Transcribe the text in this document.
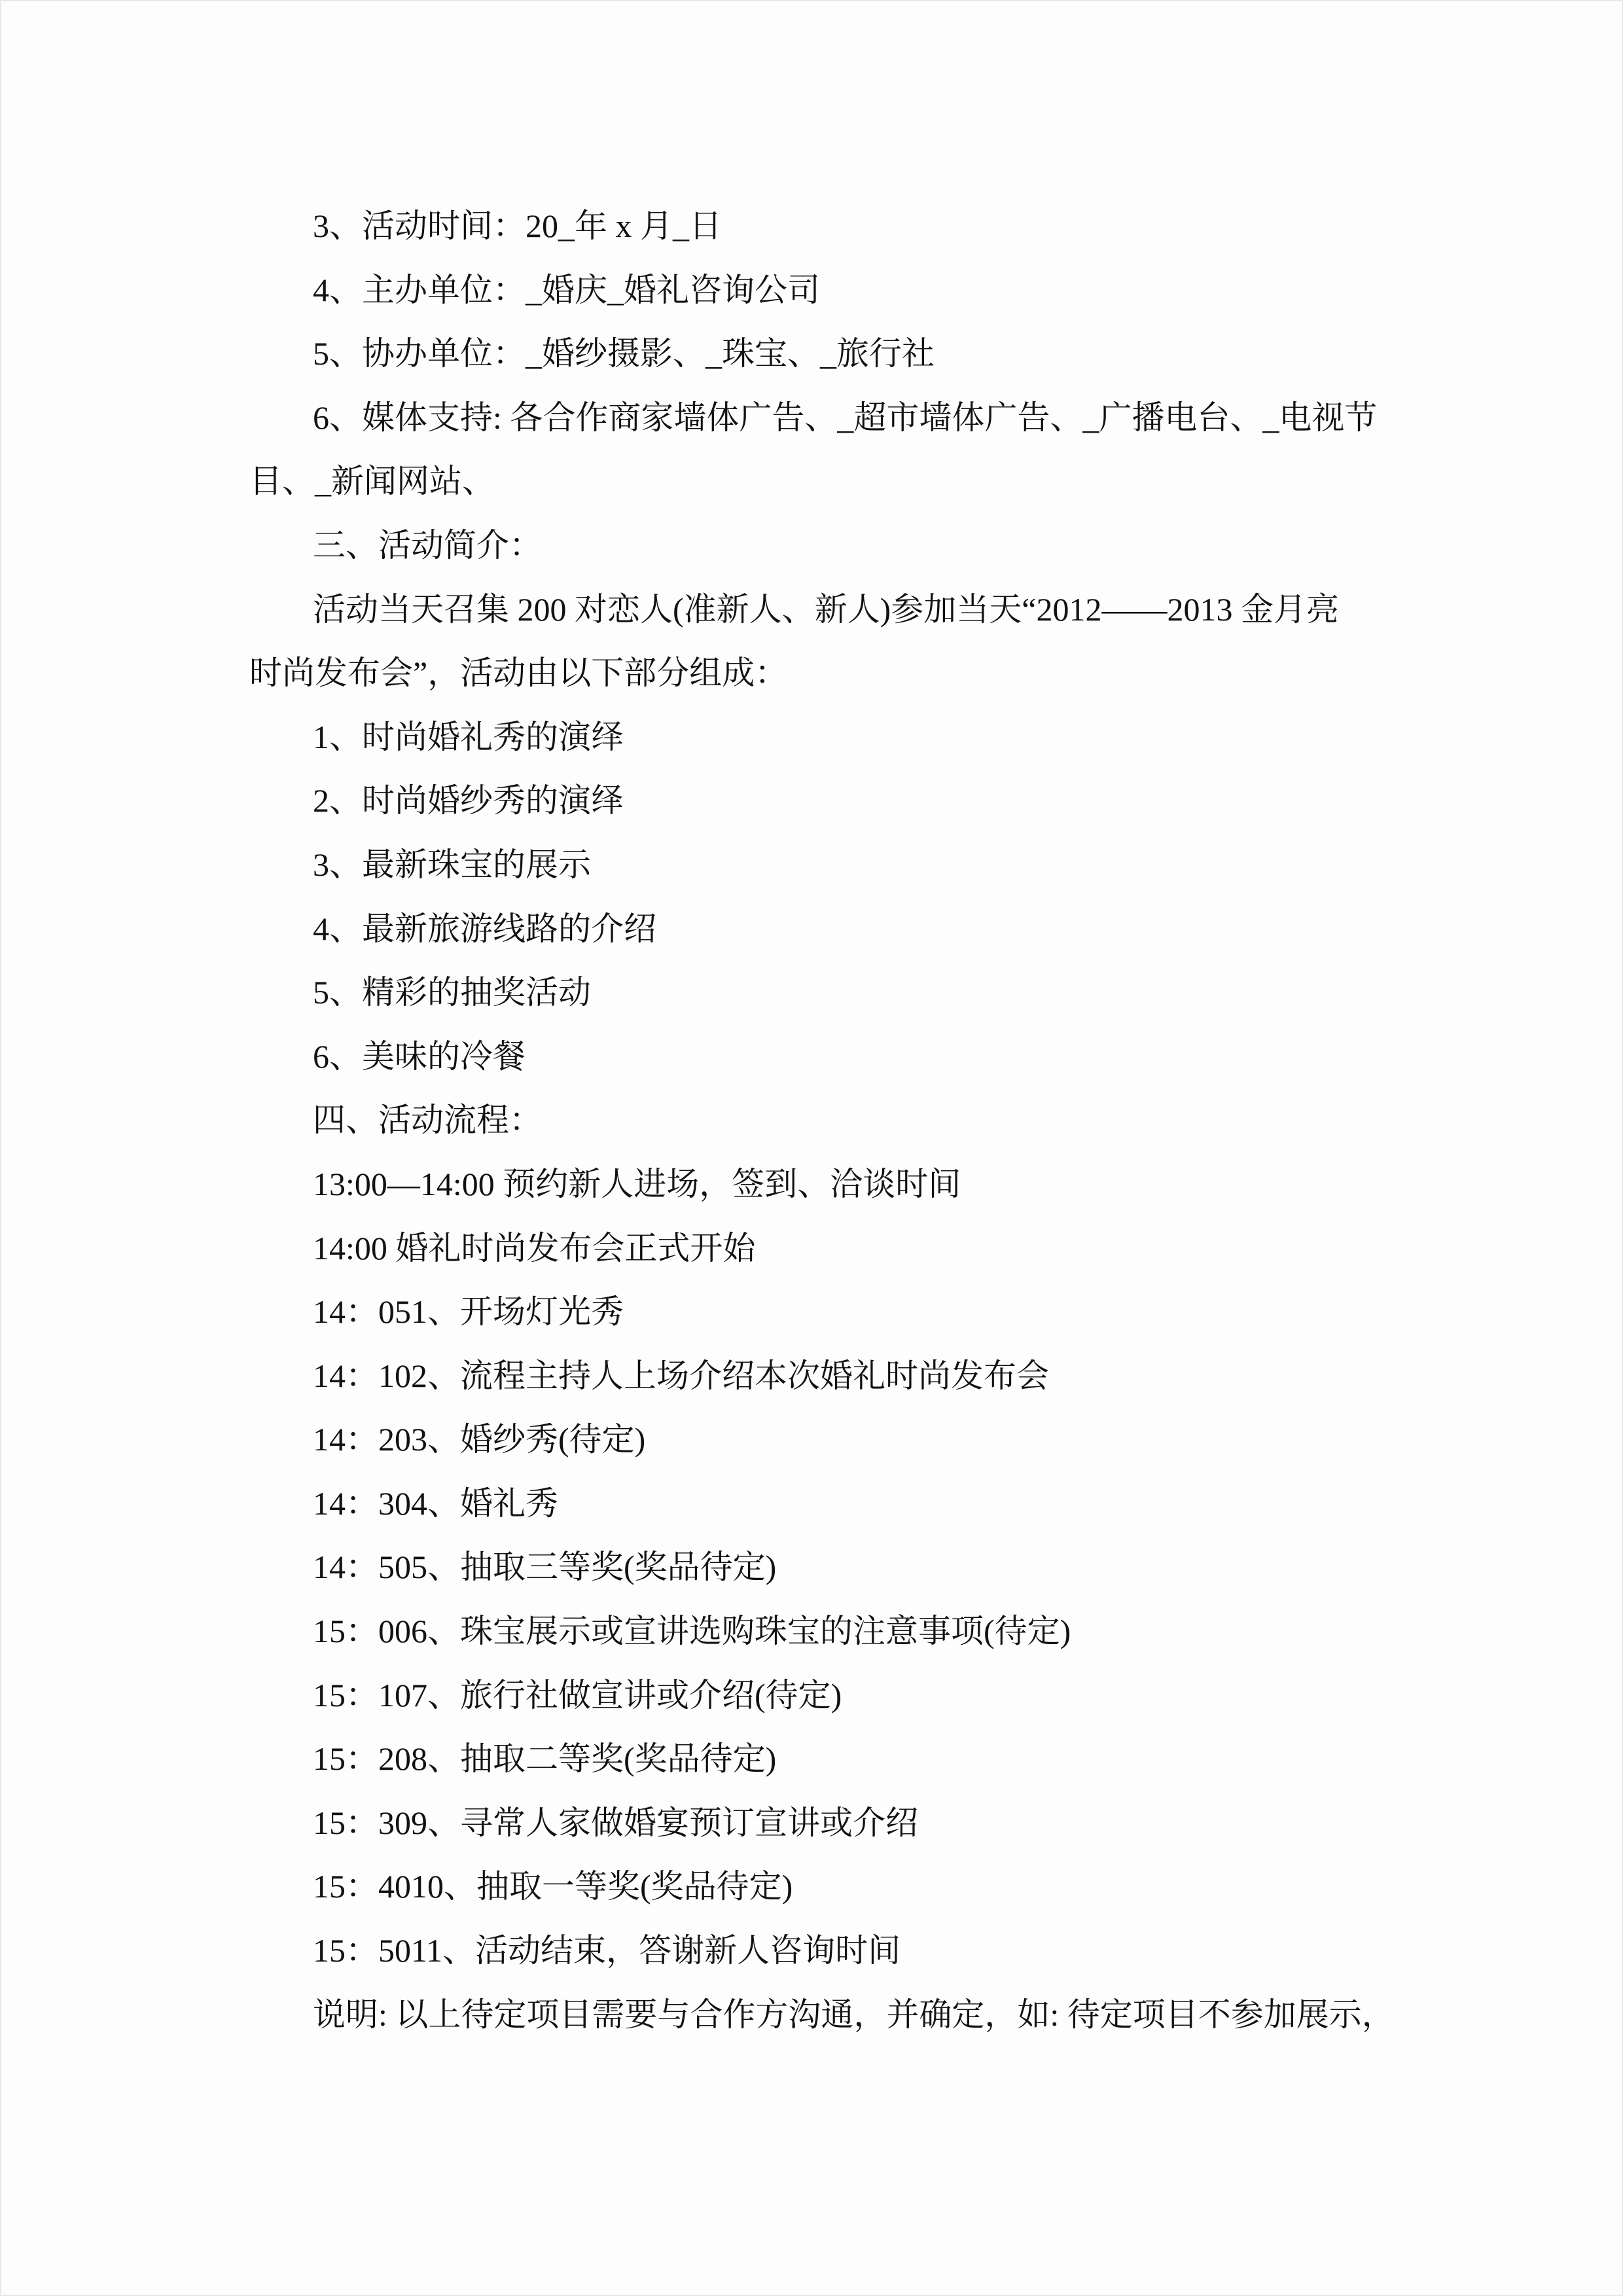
3、活动时间：20_年 x 月_日
4、主办单位：_婚庆_婚礼咨询公司
5、协办单位：_婚纱摄影、_珠宝、_旅行社
6、媒体支持: 各合作商家墙体广告、_超市墙体广告、_广播电台、_电视节
目、_新闻网站、
三、活动简介：
活动当天召集 200 对恋人(准新人、新人)参加当天“2012——2013 金月亮
时尚发布会”，活动由以下部分组成：
1、时尚婚礼秀的演绎
2、时尚婚纱秀的演绎
3、最新珠宝的展示
4、最新旅游线路的介绍
5、精彩的抽奖活动
6、美味的冷餐
四、活动流程：
13:00—14:00 预约新人进场，签到、洽谈时间
14:00 婚礼时尚发布会正式开始
14：051、开场灯光秀
14：102、流程主持人上场介绍本次婚礼时尚发布会
14：203、婚纱秀(待定)
14：304、婚礼秀
14：505、抽取三等奖(奖品待定)
15：006、珠宝展示或宣讲选购珠宝的注意事项(待定)
15：107、旅行社做宣讲或介绍(待定)
15：208、抽取二等奖(奖品待定)
15：309、寻常人家做婚宴预订宣讲或介绍
15：4010、抽取一等奖(奖品待定)
15：5011、活动结束，答谢新人咨询时间
说明: 以上待定项目需要与合作方沟通，并确定，如: 待定项目不参加展示，
